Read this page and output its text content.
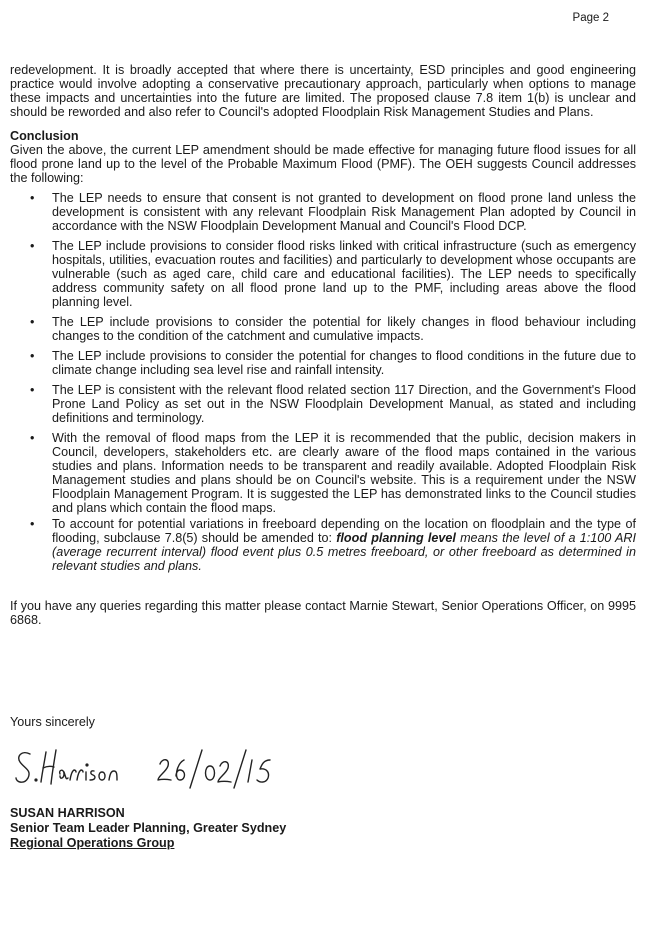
Page 2

redevelopment. It is broadly accepted that where there is uncertainty, ESD principles and good engineering practice would involve adopting a conservative precautionary approach, particularly when options to manage these impacts and uncertainties into the future are limited. The proposed clause 7.8 item 1(b) is unclear and should be reworded and also refer to Council's adopted Floodplain Risk Management Studies and Plans.

Conclusion

Given the above, the current LEP amendment should be made effective for managing future flood issues for all flood prone land up to the level of the Probable Maximum Flood (PMF). The OEH suggests Council addresses the following:

• The LEP needs to ensure that consent is not granted to development on flood prone land unless the development is consistent with any relevant Floodplain Risk Management Plan adopted by Council in accordance with the NSW Floodplain Development Manual and Council's Flood DCP.
• The LEP include provisions to consider flood risks linked with critical infrastructure (such as emergency hospitals, utilities, evacuation routes and facilities) and particularly to development whose occupants are vulnerable (such as aged care, child care and educational facilities). The LEP needs to specifically address community safety on all flood prone land up to the PMF, including areas above the flood planning level.
• The LEP include provisions to consider the potential for likely changes in flood behaviour including changes to the condition of the catchment and cumulative impacts.
• The LEP include provisions to consider the potential for changes to flood conditions in the future due to climate change including sea level rise and rainfall intensity.
• The LEP is consistent with the relevant flood related section 117 Direction, and the Government's Flood Prone Land Policy as set out in the NSW Floodplain Development Manual, as stated and including definitions and terminology.
• With the removal of flood maps from the LEP it is recommended that the public, decision makers in Council, developers, stakeholders etc. are clearly aware of the flood maps contained in the various studies and plans. Information needs to be transparent and readily available. Adopted Floodplain Risk Management studies and plans should be on Council's website. This is a requirement under the NSW Floodplain Management Program. It is suggested the LEP has demonstrated links to the Council studies and plans which contain the flood maps.
• To account for potential variations in freeboard depending on the location on floodplain and the type of flooding, subclause 7.8(5) should be amended to: flood planning level means the level of a 1:100 ARI (average recurrent interval) flood event plus 0.5 metres freeboard, or other freeboard as determined in relevant studies and plans.

If you have any queries regarding this matter please contact Marnie Stewart, Senior Operations Officer, on 9995 6868.

Yours sincerely
SUSAN HARRISON
Senior Team Leader Planning, Greater Sydney
Regional Operations Group
